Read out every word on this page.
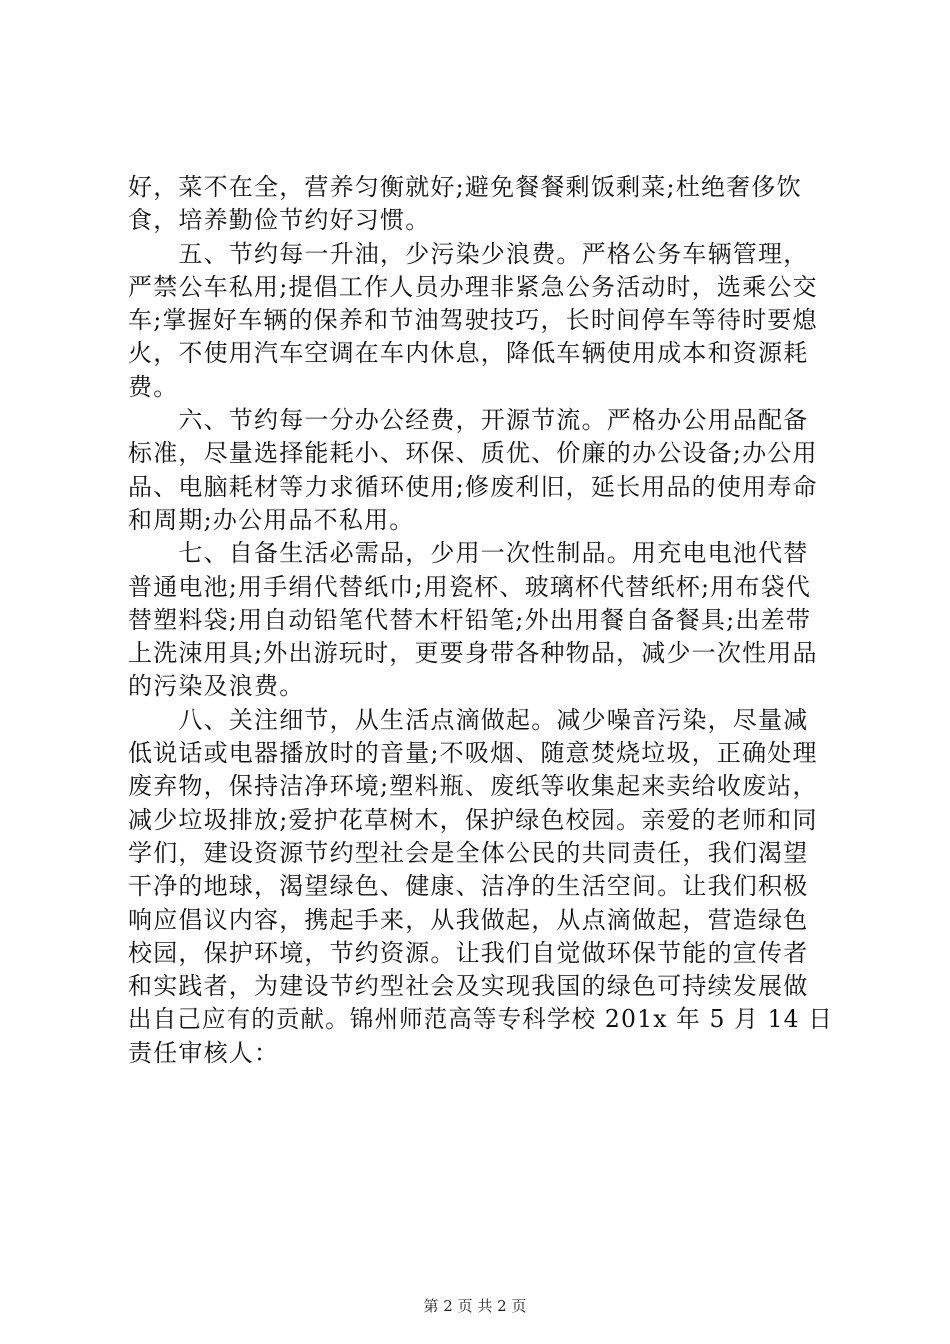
好，菜不在全，营养匀衡就好;避免餐餐剩饭剩菜;杜绝奢侈饮
食，培养勤俭节约好习惯。
　　五、节约每一升油，少污染少浪费。严格公务车辆管理，
严禁公车私用;提倡工作人员办理非紧急公务活动时，选乘公交
车;掌握好车辆的保养和节油驾驶技巧，长时间停车等待时要熄
火，不使用汽车空调在车内休息，降低车辆使用成本和资源耗
费。
　　六、节约每一分办公经费，开源节流。严格办公用品配备
标准，尽量选择能耗小、环保、质优、价廉的办公设备;办公用
品、电脑耗材等力求循环使用;修废利旧，延长用品的使用寿命
和周期;办公用品不私用。
　　七、自备生活必需品，少用一次性制品。用充电电池代替
普通电池;用手绢代替纸巾;用瓷杯、玻璃杯代替纸杯;用布袋代
替塑料袋;用自动铅笔代替木杆铅笔;外出用餐自备餐具;出差带
上洗涑用具;外出游玩时，更要身带各种物品，减少一次性用品
的污染及浪费。
　　八、关注细节，从生活点滴做起。减少噪音污染，尽量减
低说话或电器播放时的音量;不吸烟、随意焚烧垃圾，正确处理
废弃物，保持洁净环境;塑料瓶、废纸等收集起来卖给收废站，
减少垃圾排放;爱护花草树木，保护绿色校园。亲爱的老师和同
学们，建设资源节约型社会是全体公民的共同责任，我们渴望
干净的地球，渴望绿色、健康、洁净的生活空间。让我们积极
响应倡议内容，携起手来，从我做起，从点滴做起，营造绿色
校园，保护环境，节约资源。让我们自觉做环保节能的宣传者
和实践者，为建设节约型社会及实现我国的绿色可持续发展做
出自己应有的贡献。锦州师范高等专科学校 201x 年 5 月 14 日
责任审核人：
第 2 页 共 2 页
